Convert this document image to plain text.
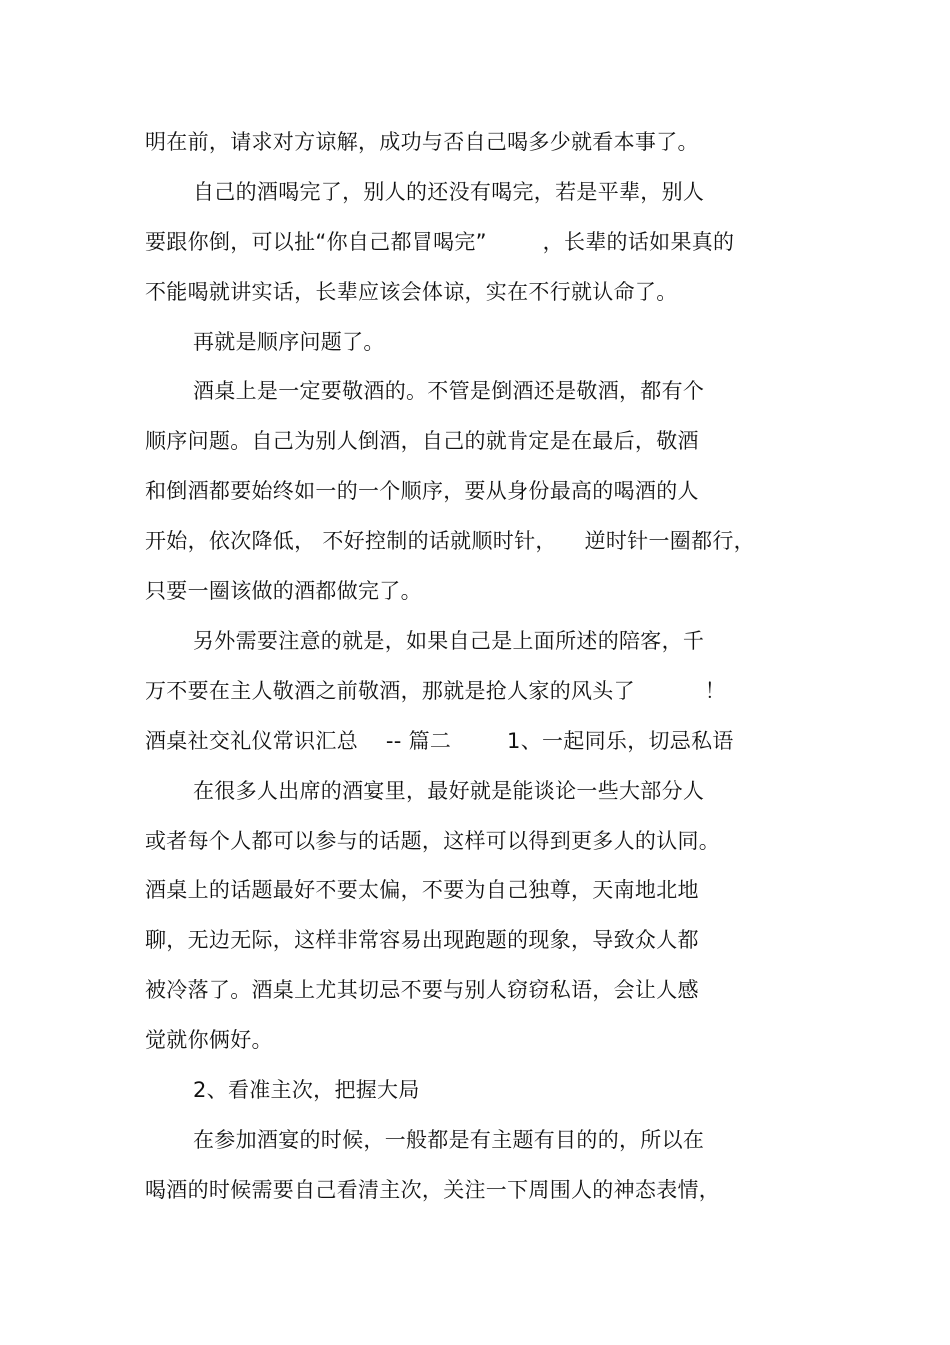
明在前，请求对方谅解，成功与否自己喝多少就看本事了。
自己的酒喝完了，别人的还没有喝完，若是平辈，别人
要跟你倒，可以扯“你自己都冒喝完”        ，长辈的话如果真的
不能喝就讲实话，长辈应该会体谅，实在不行就认命了。
再就是顺序问题了。
酒桌上是一定要敬酒的。不管是倒酒还是敬酒，都有个
顺序问题。自己为别人倒酒，自己的就肯定是在最后，敬酒
和倒酒都要始终如一的一个顺序，要从身份最高的喝酒的人
开始，依次降低， 不好控制的话就顺时针，    逆时针一圈都行，
只要一圈该做的酒都做完了。
另外需要注意的就是，如果自己是上面所述的陪客，千
万不要在主人敬酒之前敬酒，那就是抢人家的风头了          ！
酒桌社交礼仪常识汇总    -- 篇二        1、一起同乐，切忌私语
在很多人出席的酒宴里，最好就是能谈论一些大部分人
或者每个人都可以参与的话题，这样可以得到更多人的认同。
酒桌上的话题最好不要太偏，不要为自己独尊，天南地北地
聊，无边无际，这样非常容易出现跑题的现象，导致众人都
被冷落了。酒桌上尤其切忌不要与别人窃窃私语，会让人感
觉就你俩好。
2、看准主次，把握大局
在参加酒宴的时候，一般都是有主题有目的的，所以在
喝酒的时候需要自己看清主次，关注一下周围人的神态表情，
